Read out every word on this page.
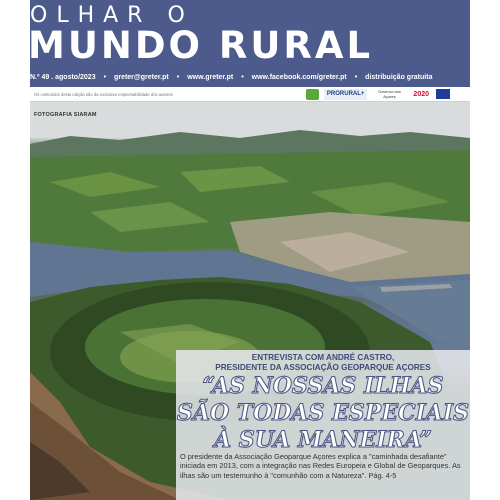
OLHAR O
MUNDO RURAL
N.º 49 . agosto/2023 • greter@greter.pt • www.greter.pt • www.facebook.com/greter.pt • distribuição gratuita
Os conteúdos desta edição são da exclusiva responsabilidade dos autores	PRORURAL+	Governo dos Açores	2020
FOTOGRAFIA SIARAM
ENTREVISTA COM ANDRÉ CASTRO,
PRESIDENTE DA ASSOCIAÇÃO GEOPARQUE AÇORES
“AS NOSSAS ILHAS
SÃO TODAS ESPECIAIS
À SUA MANEIRA”
O presidente da Associação Geoparque Açores explica a "caminhada desafiante" iniciada em 2013, com a integração nas Redes Europeia e Global de Geoparques. As ilhas são um testemunho à "comunhão com a Natureza". Pág. 4-5
